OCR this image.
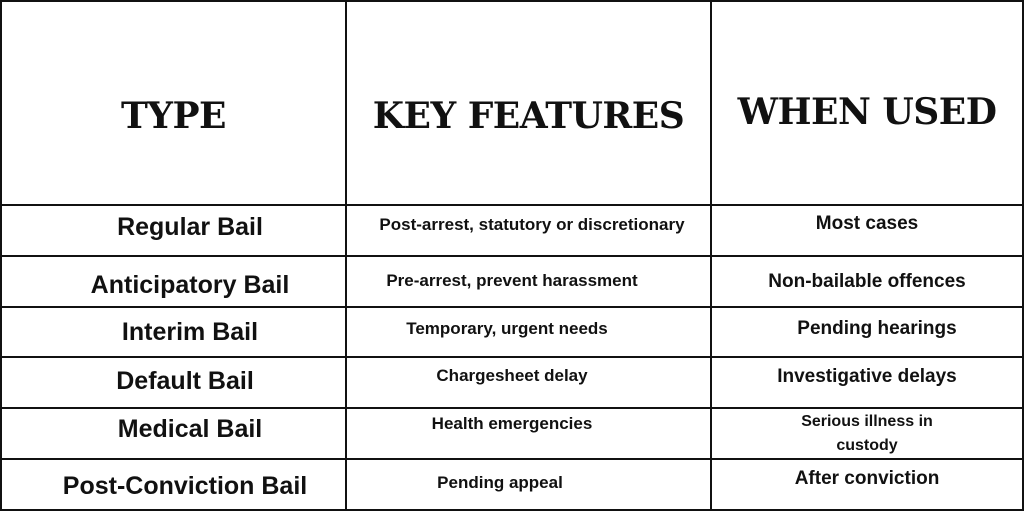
TYPE	KEY FEATURES	WHEN USED
Regular Bail	Post-arrest, statutory or discretionary	Most cases
Anticipatory Bail	Pre-arrest, prevent harassment	Non-bailable offences
Interim Bail	Temporary, urgent needs	Pending hearings
Default Bail	Chargesheet delay	Investigative delays
Medical Bail	Health emergencies	Serious illness in custody
Post-Conviction Bail	Pending appeal	After conviction
